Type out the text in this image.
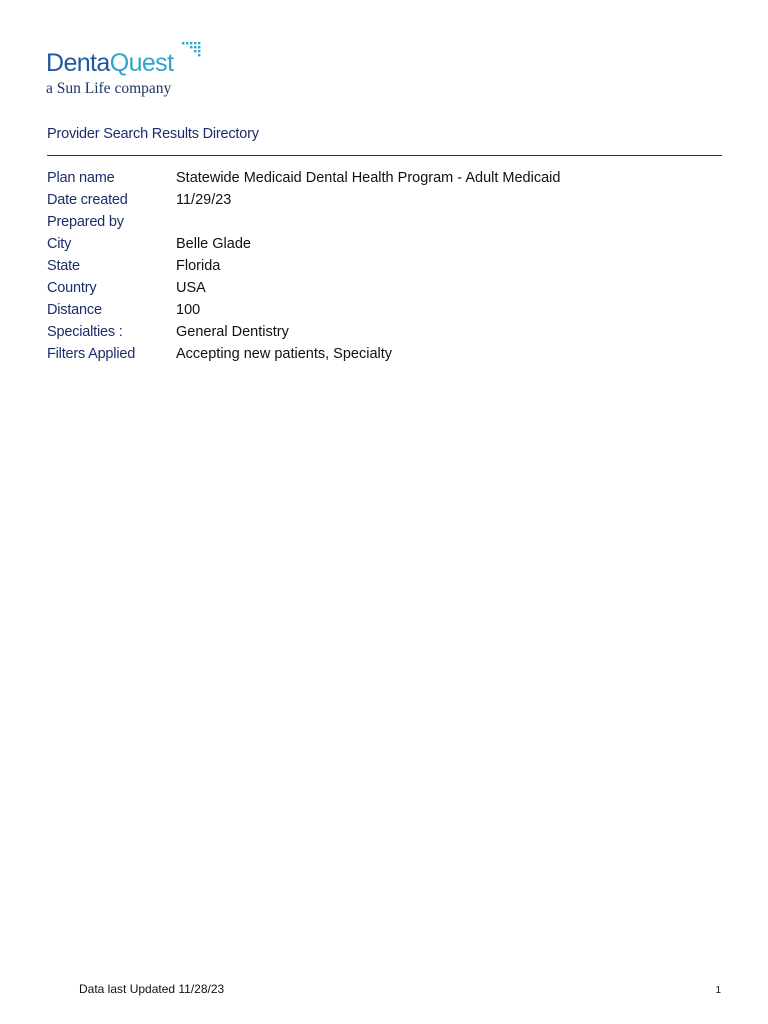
DentaQuest
a Sun Life company
Provider Search Results Directory
Plan name	Statewide Medicaid Dental Health Program - Adult Medicaid
Date created	11/29/23
Prepared by
City	Belle Glade
State	Florida
Country	USA
Distance	100
Specialties :	General Dentistry
Filters Applied	Accepting new patients, Specialty
Data last Updated 11/28/23	1
